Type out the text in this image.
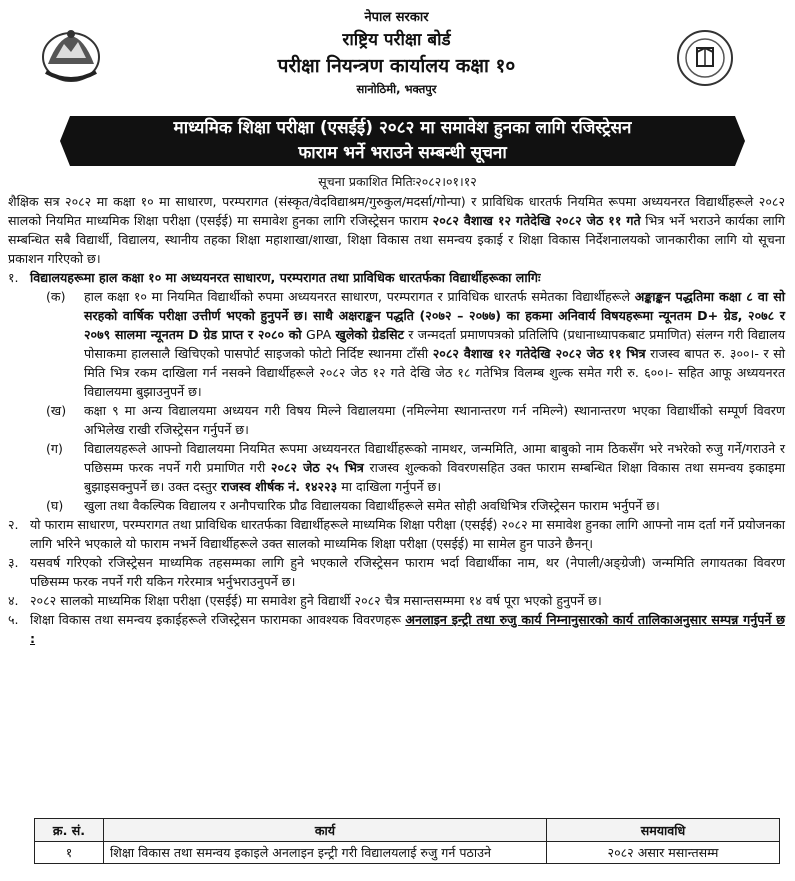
नेपाल सरकार
राष्ट्रिय परीक्षा बोर्ड
परीक्षा नियन्त्रण कार्यालय कक्षा १०
सानोठिमी, भक्तपुर
माध्यमिक शिक्षा परीक्षा (एसईई) २०८२ मा समावेश हुनका लागि रजिस्ट्रेसन
फाराम भर्ने भराउने सम्बन्धी सूचना
सूचना प्रकाशित मितिः२०८२।०१।१२

शैक्षिक सत्र २०८२ मा कक्षा १० मा साधारण, परम्परागत (संस्कृत/वेदविद्याश्रम/गुरुकुल/मदर्सा/गोन्पा) र प्राविधिक धारतर्फ नियमित रूपमा अध्ययनरत विद्यार्थीहरूले २०८२ सालको नियमित माध्यमिक शिक्षा परीक्षा (एसईई) मा समावेश हुनका लागि रजिस्ट्रेसन फाराम २०८२ वैशाख १२ गतेदेखि २०८२ जेठ ११ गते भित्र भर्ने भराउने कार्यका लागि सम्बन्धित सबै विद्यार्थी, विद्यालय, स्थानीय तहका शिक्षा महाशाखा/शाखा, शिक्षा विकास तथा समन्वय इकाई र शिक्षा विकास निर्देशनालयको जानकारीका लागि यो सूचना प्रकाशन गरिएको छ।

१. विद्यालयहरूमा हाल कक्षा १० मा अध्ययनरत साधारण, परम्परागत तथा प्राविधिक धारतर्फका विद्यार्थीहरूका लागिः
(क)	हाल कक्षा १० मा नियमित विद्यार्थीको रुपमा अध्ययनरत साधारण, परम्परागत र प्राविधिक धारतर्फ समेतका विद्यार्थीहरूले अङ्काङ्कन पद्धतिमा कक्षा ८ वा सो सरहको वार्षिक परीक्षा उत्तीर्ण भएको हुनुपर्ने छ। साथै अक्षराङ्कन पद्धति (२०७२ – २०७७) का हकमा अनिवार्य विषयहरूमा न्यूनतम D+ ग्रेड, २०७८ र २०७९ सालमा न्यूनतम D ग्रेड प्राप्त र २०८० को GPA खुलेको ग्रेडसिट र जन्मदर्ता प्रमाणपत्रको प्रतिलिपि (प्रधानाध्यापकबाट प्रमाणित) संलग्न गरी विद्यालय पोसाकमा हालसालै खिचिएको पासपोर्ट साइजको फोटो निर्दिष्ट स्थानमा टाँसी २०८२ वैशाख १२ गतेदेखि २०८२ जेठ ११ भित्र राजस्व बापत रु. ३००।- र सो मिति भित्र रकम दाखिला गर्न नसक्ने विद्यार्थीहरूले २०८२ जेठ १२ गते देखि जेठ १८ गतेभित्र विलम्ब शुल्क समेत गरी रु. ६००।- सहित आफू अध्ययनरत विद्यालयमा बुझाउनुपर्ने छ।
(ख)	कक्षा ९ मा अन्य विद्यालयमा अध्ययन गरी विषय मिल्ने विद्यालयमा (नमिल्नेमा स्थानान्तरण गर्न नमिल्ने) स्थानान्तरण भएका विद्यार्थीको सम्पूर्ण विवरण अभिलेख राखी रजिस्ट्रेसन गर्नुपर्ने छ।
(ग)	विद्यालयहरूले आफ्नो विद्यालयमा नियमित रूपमा अध्ययनरत विद्यार्थीहरूको नामथर, जन्ममिति, आमा बाबुको नाम ठिकसँग भरे नभरेको रुजु गर्ने/गराउने र पछिसम्म फरक नपर्ने गरी प्रमाणित गरी २०८२ जेठ २५ भित्र राजस्व शुल्कको विवरणसहित उक्त फाराम सम्बन्धित शिक्षा विकास तथा समन्वय इकाइमा बुझाइसक्नुपर्ने छ। उक्त दस्तुर राजस्व शीर्षक नं. १४२२३ मा दाखिला गर्नुपर्ने छ।
(घ)	खुला तथा वैकल्पिक विद्यालय र अनौपचारिक प्रौढ विद्यालयका विद्यार्थीहरूले समेत सोही अवधिभित्र रजिस्ट्रेसन फाराम भर्नुपर्ने छ।
२. यो फाराम साधारण, परम्परागत तथा प्राविधिक धारतर्फका विद्यार्थीहरूले माध्यमिक शिक्षा परीक्षा (एसईई) २०८२ मा समावेश हुनका लागि आफ्नो नाम दर्ता गर्ने प्रयोजनका लागि भरिने भएकाले यो फाराम नभर्ने विद्यार्थीहरूले उक्त सालको माध्यमिक शिक्षा परीक्षा (एसईई) मा सामेल हुन पाउने छैनन्।
३. यसवर्ष गरिएको रजिस्ट्रेसन माध्यमिक तहसम्मका लागि हुने भएकाले रजिस्ट्रेसन फाराम भर्दा विद्यार्थीका नाम, थर (नेपाली/अङ्ग्रेजी) जन्ममिति लगायतका विवरण पछिसम्म फरक नपर्ने गरी यकिन गरेरमात्र भर्नुभराउनुपर्ने छ।
४. २०८२ सालको माध्यमिक शिक्षा परीक्षा (एसईई) मा समावेश हुने विद्यार्थी २०८२ चैत्र मसान्तसम्ममा १४ वर्ष पूरा भएको हुनुपर्ने छ।
५. शिक्षा विकास तथा समन्वय इकाईहरूले रजिस्ट्रेसन फारामका आवश्यक विवरणहरू अनलाइन इन्ट्री तथा रुजु कार्य निम्नानुसारको कार्य तालिकाअनुसार सम्पन्न गर्नुपर्ने छ :
क्र. सं.	कार्य	समयावधि
१	शिक्षा विकास तथा समन्वय इकाइले अनलाइन इन्ट्री गरी विद्यालयलाई रुजु गर्न पठाउने	२०८२ असार मसान्तसम्म
